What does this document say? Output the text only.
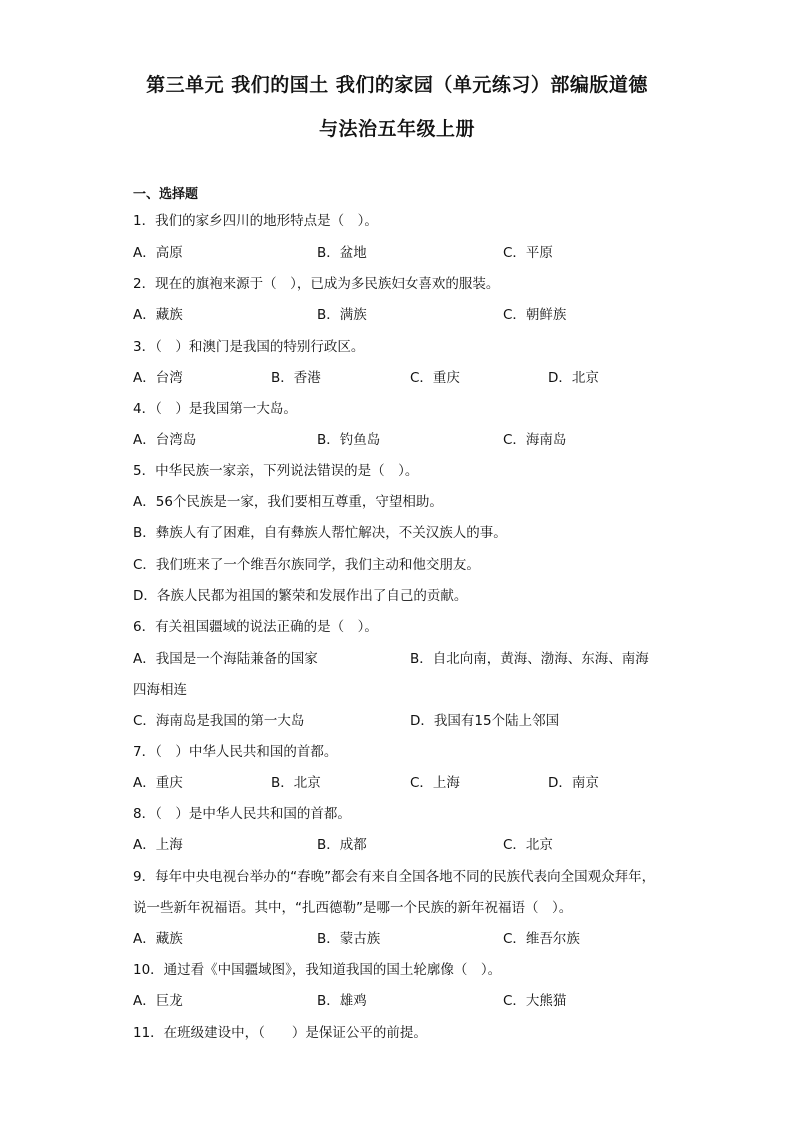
第三单元 我们的国土 我们的家园（单元练习）部编版道德
与法治五年级上册
一、选择题
1．我们的家乡四川的地形特点是（　）。
A．高原	B．盆地	C．平原
2．现在的旗袍来源于（　），已成为多民族妇女喜欢的服装。
A．藏族	B．满族	C．朝鲜族
3．（　）和澳门是我国的特别行政区。
A．台湾	B．香港	C．重庆	D．北京
4．（　）是我国第一大岛。
A．台湾岛	B．钓鱼岛	C．海南岛
5．中华民族一家亲，下列说法错误的是（　）。
A．56个民族是一家，我们要相互尊重，守望相助。
B．彝族人有了困难，自有彝族人帮忙解决，不关汉族人的事。
C．我们班来了一个维吾尔族同学，我们主动和他交朋友。
D．各族人民都为祖国的繁荣和发展作出了自己的贡献。
6．有关祖国疆域的说法正确的是（　）。
A．我国是一个海陆兼备的国家	B．自北向南，黄海、渤海、东海、南海
四海相连
C．海南岛是我国的第一大岛	D．我国有15个陆上邻国
7．（　）中华人民共和国的首都。
A．重庆	B．北京	C．上海	D．南京
8．（　）是中华人民共和国的首都。
A．上海	B．成都	C．北京
9．每年中央电视台举办的“春晚”都会有来自全国各地不同的民族代表向全国观众拜年，
说一些新年祝福语。其中，“扎西德勒”是哪一个民族的新年祝福语（　）。
A．藏族	B．蒙古族	C．维吾尔族
10．通过看《中国疆域图》，我知道我国的国土轮廓像（　）。
A．巨龙	B．雄鸡	C．大熊猫
11．在班级建设中，（　　）是保证公平的前提。
